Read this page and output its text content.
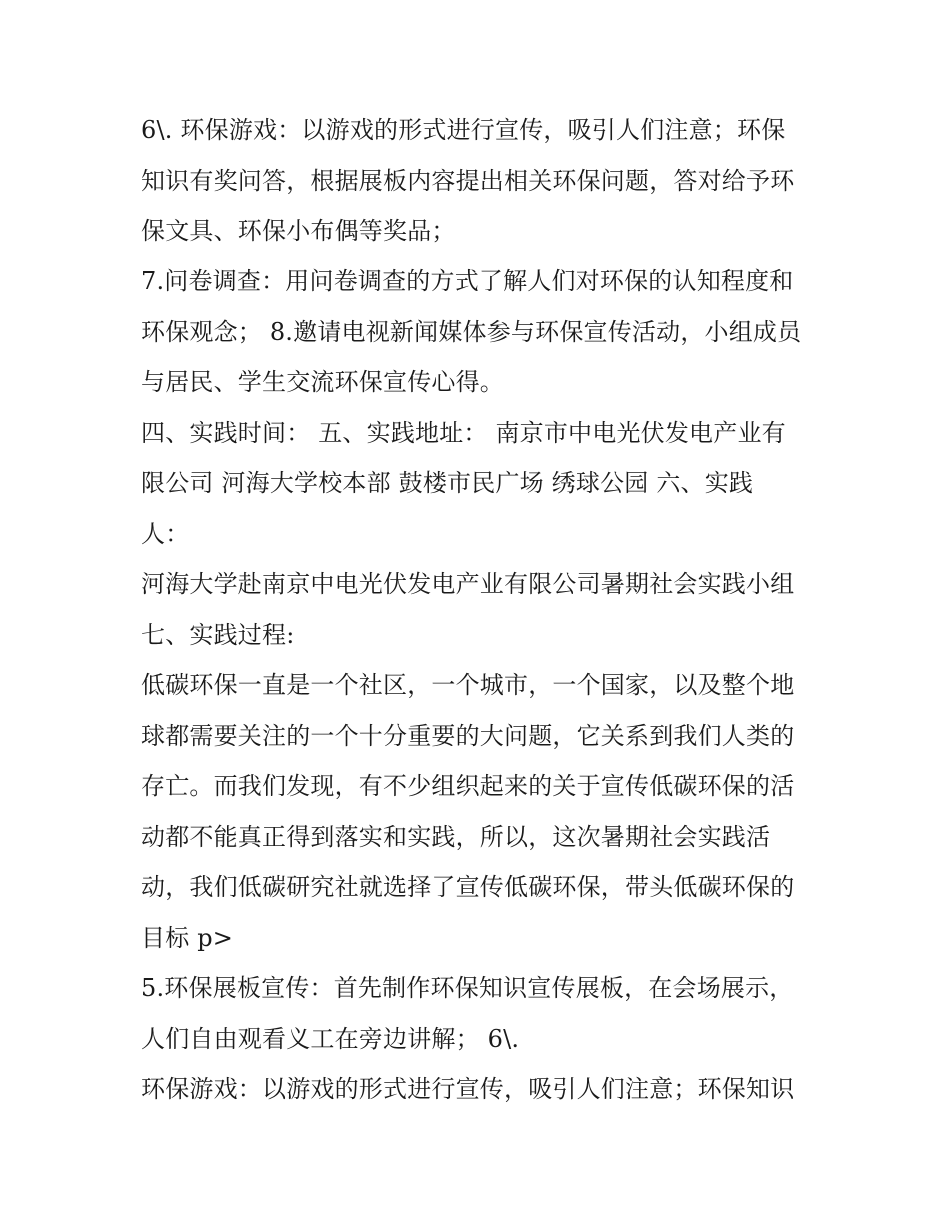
6\. 环保游戏：以游戏的形式进行宣传，吸引人们注意；环保

知识有奖问答，根据展板内容提出相关环保问题，答对给予环

保文具、环保小布偶等奖品；

7.问卷调查：用问卷调查的方式了解人们对环保的认知程度和

环保观念； 8.邀请电视新闻媒体参与环保宣传活动，小组成员

与居民、学生交流环保宣传心得。

四、实践时间： 五、实践地址： 南京市中电光伏发电产业有

限公司 河海大学校本部 鼓楼市民广场 绣球公园 六、实践

人：

河海大学赴南京中电光伏发电产业有限公司暑期社会实践小组

七、实践过程:

低碳环保一直是一个社区，一个城市，一个国家，以及整个地

球都需要关注的一个十分重要的大问题，它关系到我们人类的

存亡。而我们发现，有不少组织起来的关于宣传低碳环保的活

动都不能真正得到落实和实践，所以，这次暑期社会实践活

动，我们低碳研究社就选择了宣传低碳环保，带头低碳环保的

目标 p>

5.环保展板宣传：首先制作环保知识宣传展板，在会场展示，

人们自由观看义工在旁边讲解； 6\.

环保游戏：以游戏的形式进行宣传，吸引人们注意；环保知识
